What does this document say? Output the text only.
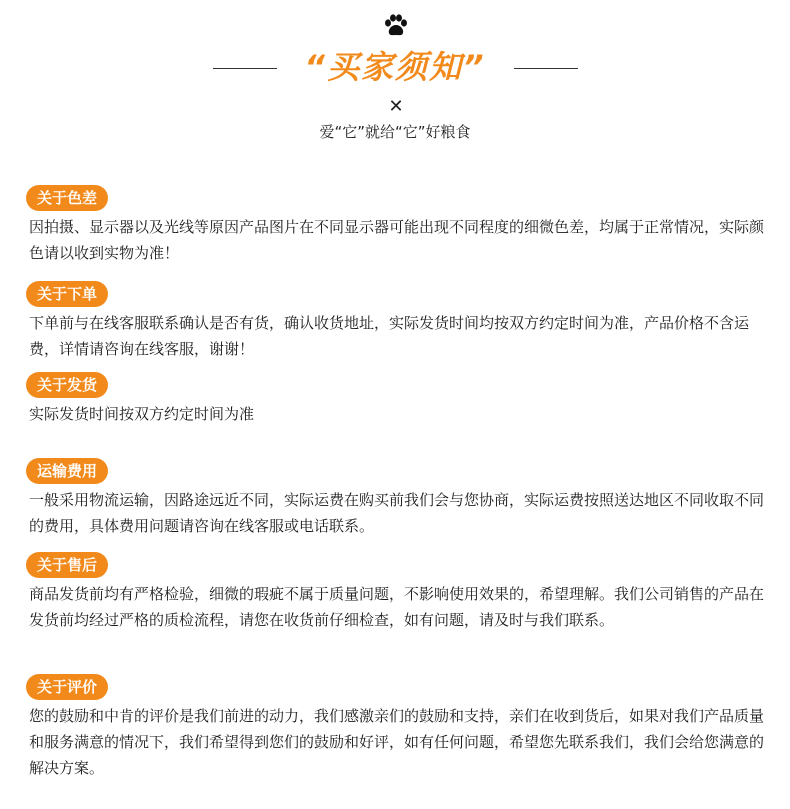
“买家须知”
✕
爱“它”就给“它”好粮食
关于色差
因拍摄、显示器以及光线等原因产品图片在不同显示器可能出现不同程度的细微色差，均属于正常情况，实际颜色请以收到实物为准！
关于下单
下单前与在线客服联系确认是否有货，确认收货地址，实际发货时间均按双方约定时间为准，产品价格不含运费，详情请咨询在线客服，谢谢！
关于发货
实际发货时间按双方约定时间为准
运输费用
一般采用物流运输，因路途远近不同，实际运费在购买前我们会与您协商，实际运费按照送达地区不同收取不同的费用，具体费用问题请咨询在线客服或电话联系。
关于售后
商品发货前均有严格检验，细微的瑕疵不属于质量问题，不影响使用效果的，希望理解。我们公司销售的产品在发货前均经过严格的质检流程，请您在收货前仔细检查，如有问题，请及时与我们联系。
关于评价
您的鼓励和中肯的评价是我们前进的动力，我们感激亲们的鼓励和支持，亲们在收到货后，如果对我们产品质量和服务满意的情况下，我们希望得到您们的鼓励和好评，如有任何问题，希望您先联系我们，我们会给您满意的解决方案。
